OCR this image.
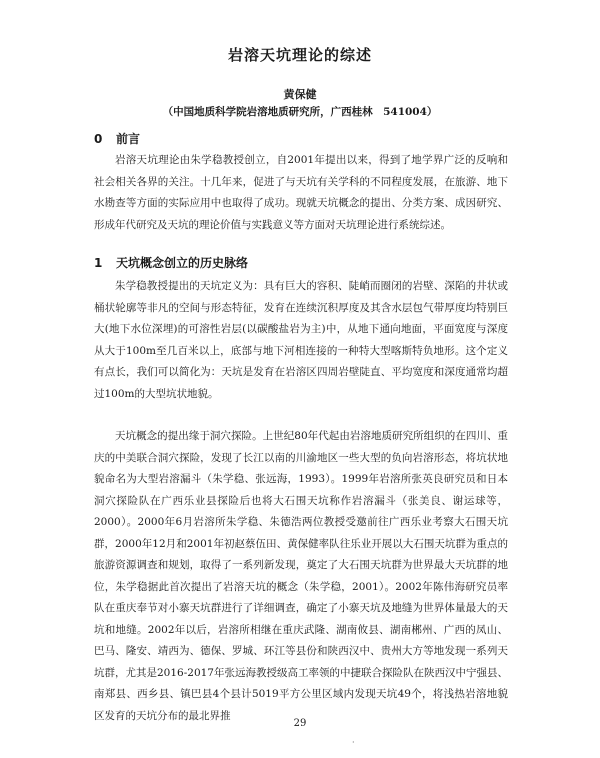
岩溶天坑理论的综述
黄保健
（中国地质科学院岩溶地质研究所，广西桂林　541004）
0 前言

岩溶天坑理论由朱学稳教授创立，自2001年提出以来，得到了地学界广泛的反响和社会相关各界的关注。十几年来，促进了与天坑有关学科的不同程度发展，在旅游、地下水勘查等方面的实际应用中也取得了成功。现就天坑概念的提出、分类方案、成因研究、形成年代研究及天坑的理论价值与实践意义等方面对天坑理论进行系统综述。

1 天坑概念创立的历史脉络

朱学稳教授提出的天坑定义为：具有巨大的容积、陡峭而圈闭的岩壁、深陷的井状或桶状轮廓等非凡的空间与形态特征，发育在连续沉积厚度及其含水层包气带厚度均特别巨大(地下水位深埋)的可溶性岩层(以碳酸盐岩为主)中，从地下通向地面，平面宽度与深度从大于100m至几百米以上，底部与地下河相连接的一种特大型喀斯特负地形。这个定义有点长，我们可以简化为：天坑是发育在岩溶区四周岩壁陡直、平均宽度和深度通常均超过100m的大型坑状地貌。

天坑概念的提出缘于洞穴探险。上世纪80年代起由岩溶地质研究所组织的在四川、重庆的中美联合洞穴探险，发现了长江以南的川渝地区一些大型的负向岩溶形态，将坑状地貌命名为大型岩溶漏斗（朱学稳、张远海，1993）。1999年岩溶所张英良研究员和日本洞穴探险队在广西乐业县探险后也将大石围天坑称作岩溶漏斗（张美良、谢运球等，2000）。2000年6月岩溶所朱学稳、朱德浩两位教授受邀前往广西乐业考察大石围天坑群，2000年12月和2001年初赵蔡伍田、黄保健率队往乐业开展以大石围天坑群为重点的旅游资源调查和规划，取得了一系列新发现，奠定了大石围天坑群为世界最大天坑群的地位，朱学稳据此首次提出了岩溶天坑的概念（朱学稳，2001）。2002年陈伟海研究员率队在重庆奉节对小寨天坑群进行了详细调查，确定了小寨天坑及地缝为世界体量最大的天坑和地缝。2002年以后，岩溶所相继在重庆武隆、湖南攸县、湖南郴州、广西的凤山、巴马、隆安、靖西为、德保、罗城、环江等县份和陕西汉中、贵州大方等地发现一系列天坑群，尤其是2016-2017年张远海教授级高工率领的中捷联合探险队在陕西汉中宁强县、南郑县、西乡县、镇巴县4个县计5019平方公里区域内发现天坑49个，将浅热岩溶地貌区发育的天坑分布的最北界推

29
·
